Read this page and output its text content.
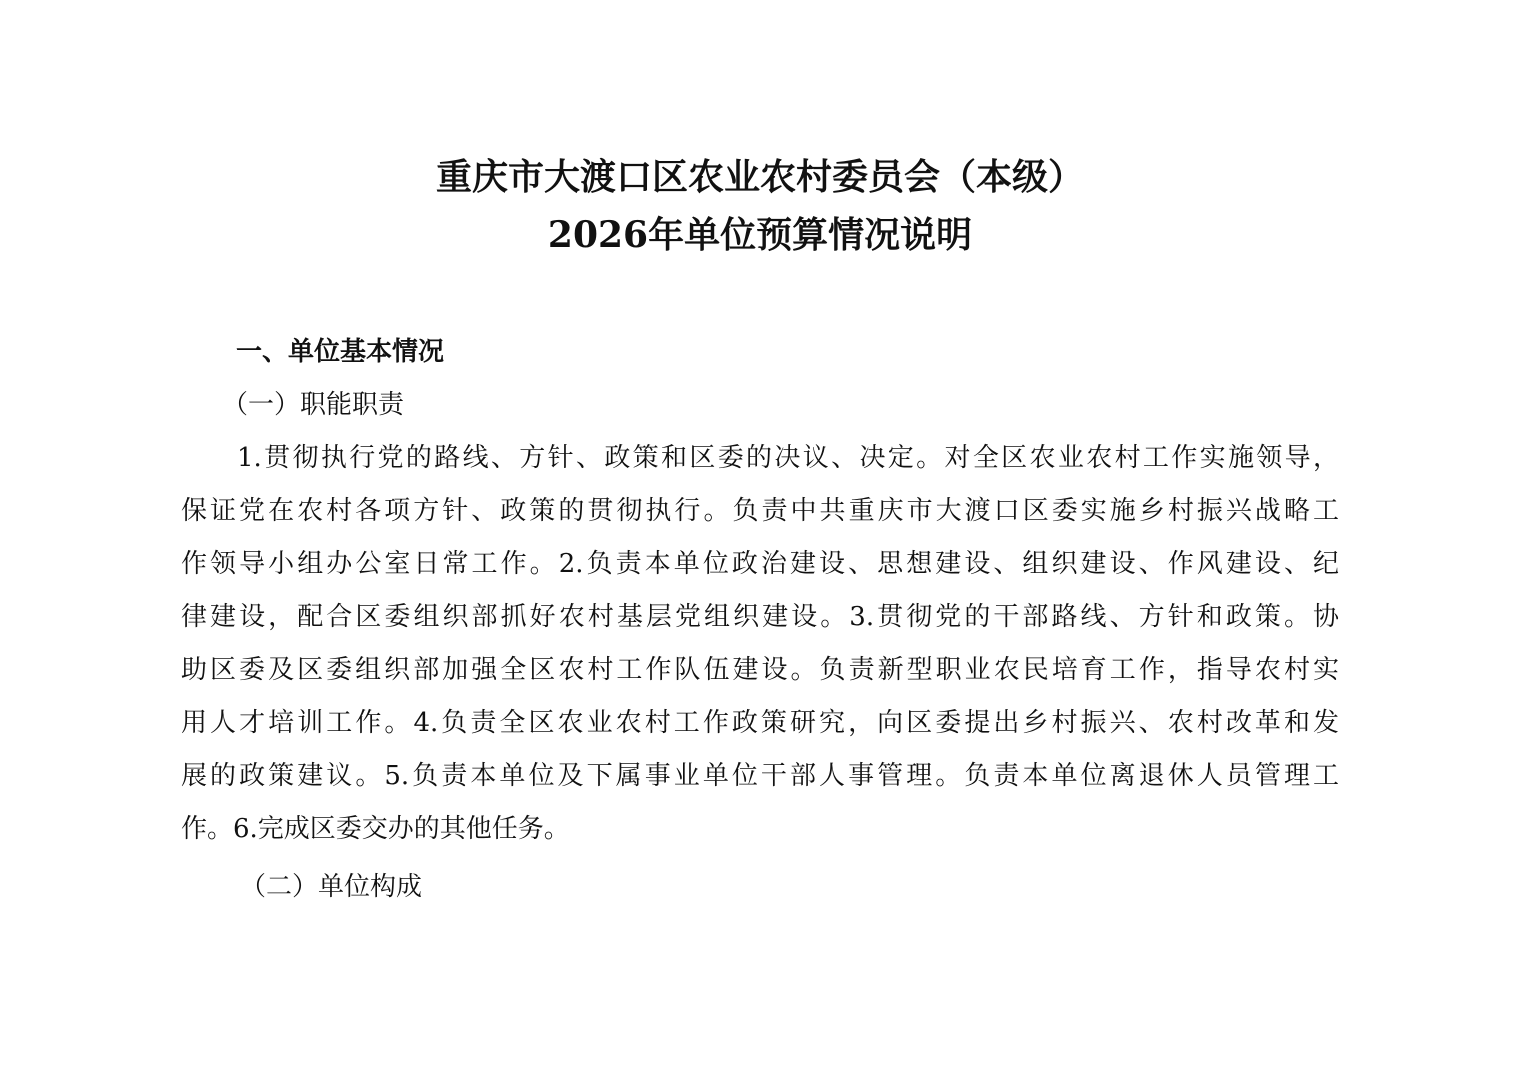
重庆市大渡口区农业农村委员会（本级）
2026年单位预算情况说明
一、单位基本情况
（一）职能职责
1.贯彻执行党的路线、方针、政策和区委的决议、决定。对全区农业农村工作实施领导，
保证党在农村各项方针、政策的贯彻执行。负责中共重庆市大渡口区委实施乡村振兴战略工
作领导小组办公室日常工作。2.负责本单位政治建设、思想建设、组织建设、作风建设、纪
律建设，配合区委组织部抓好农村基层党组织建设。3.贯彻党的干部路线、方针和政策。协
助区委及区委组织部加强全区农村工作队伍建设。负责新型职业农民培育工作，指导农村实
用人才培训工作。4.负责全区农业农村工作政策研究，向区委提出乡村振兴、农村改革和发
展的政策建议。5.负责本单位及下属事业单位干部人事管理。负责本单位离退休人员管理工
作。6.完成区委交办的其他任务。
（二）单位构成
